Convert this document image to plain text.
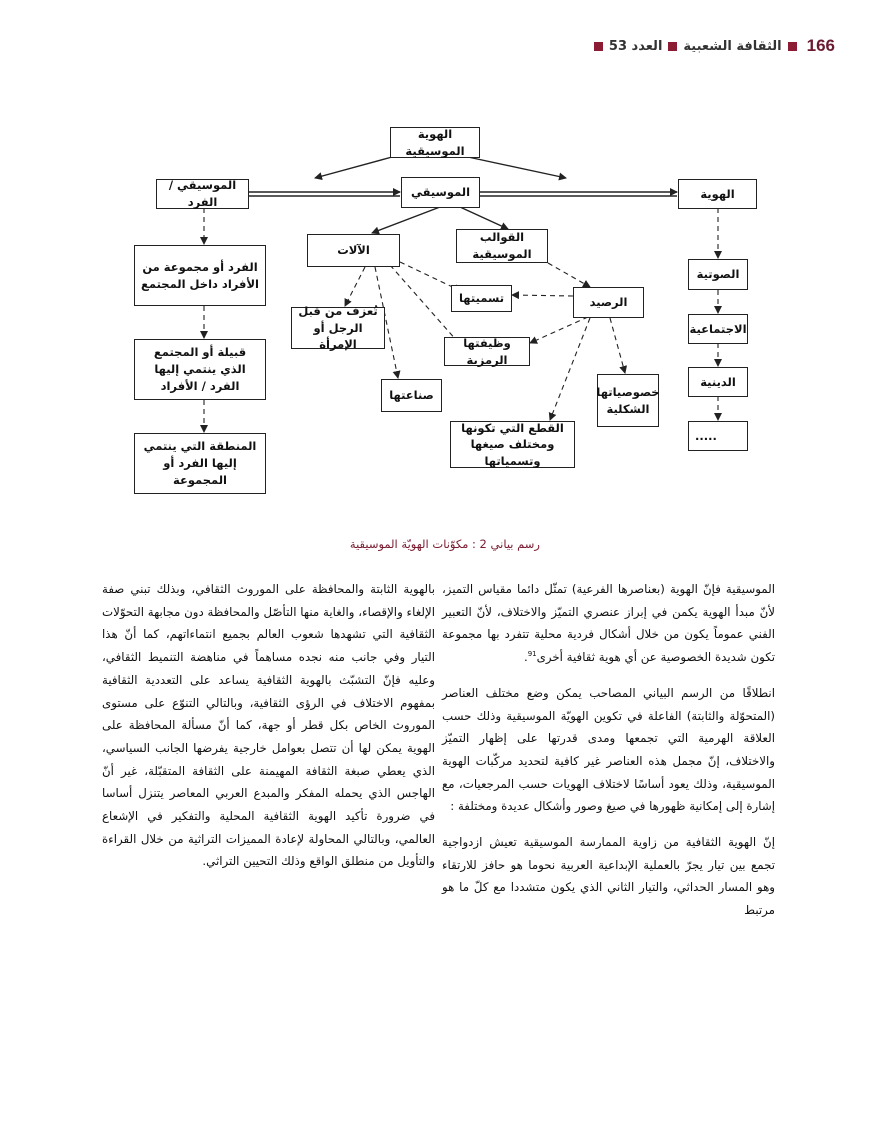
166
الثقافة الشعبية
العدد 53
الهوية الموسيقية
الهوية
الموسيقي
الموسيقي / الفرد
الصوتية
الاجتماعية
الدينية
.....
القوالب الموسيقية
الآلات
الرصيد
تسميتها
وظيفتها الرمزية
خصوصياتها الشكلية
القطع التي تكونها ومختلف صيغها وتسمياتها
تُعزف من قبل الرجل أو الإمرأة
صناعتها
الفرد أو مجموعة من الأفراد داخل المجتمع
قبيلة أو المجتمع الذي ينتمي إليها الفرد / الأفراد
المنطقة التي ينتمي إليها الفرد أو المجموعة
رسم بياني 2 : مكوّنات الهويّة الموسيقية

الموسيقية فإنّ الهوية (بعناصرها الفرعية) تمثّل دائما مقياس التميز، لأنّ مبدأ الهوية يكمن في إبراز عنصري التميّز والاختلاف، لأنّ التعبير الفني عموماً يكون من خلال أشكال فردية محلية تتفرد بها مجموعة تكون شديدة الخصوصية عن أي هوية ثقافية أخرى$^{91}$.

انطلاقًا من الرسم البياني المصاحب يمكن وضع مختلف العناصر (المتحوّلة والثابتة) الفاعلة في تكوين الهويّة الموسيقية وذلك حسب العلاقة الهرمية التي تجمعها ومدى قدرتها على إظهار التميّز والاختلاف، إنّ مجمل هذه العناصر غير كافية لتحديد مركّبات الهوية الموسيقية، وذلك يعود أساسًا لاختلاف الهويات حسب المرجعيات، مع إشارة إلى إمكانية ظهورها في صيغ وصور وأشكال عديدة ومختلفة :

إنّ الهوية الثقافية من زاوية الممارسة الموسيقية تعيش ازدواجية تجمع بين تيار يجرّ بالعملية الإبداعية العربية نحوما هو حافز للارتقاء وهو المسار الحداثي، والتيار الثاني الذي يكون متشددا مع كلّ ما هو مرتبط

بالهوية الثابتة والمحافظة على الموروث الثقافي، وبذلك تبني صفة الإلغاء والإقصاء، والغاية منها التأصّل والمحافظة دون مجابهة التحوّلات الثقافية التي تشهدها شعوب العالم بجميع انتماءاتهم، كما أنّ هذا التيار وفي جانب منه نجده مساهماً في مناهضة التنميط الثقافي، وعليه فإنّ التشبّث بالهوية الثقافية يساعد على التعددية الثقافية بمفهوم الاختلاف في الرؤى الثقافية، وبالتالي التنوّع على مستوى الموروث الخاص بكل قطر أو جهة، كما أنّ مسألة المحافظة على الهوية يمكن لها أن تتصل بعوامل خارجية يفرضها الجانب السياسي، الذي يعطي صبغة الثقافة المهيمنة على الثقافة المتقبّلة، غير أنّ الهاجس الذي يحمله المفكر والمبدع العربي المعاصر يتنزل أساسا في ضرورة تأكيد الهوية الثقافية المحلية والتفكير في الإشعاع العالمي، وبالتالي المحاولة لإعادة المميزات التراثية من خلال القراءة والتأويل من منطلق الواقع وذلك التحيين التراثي.
